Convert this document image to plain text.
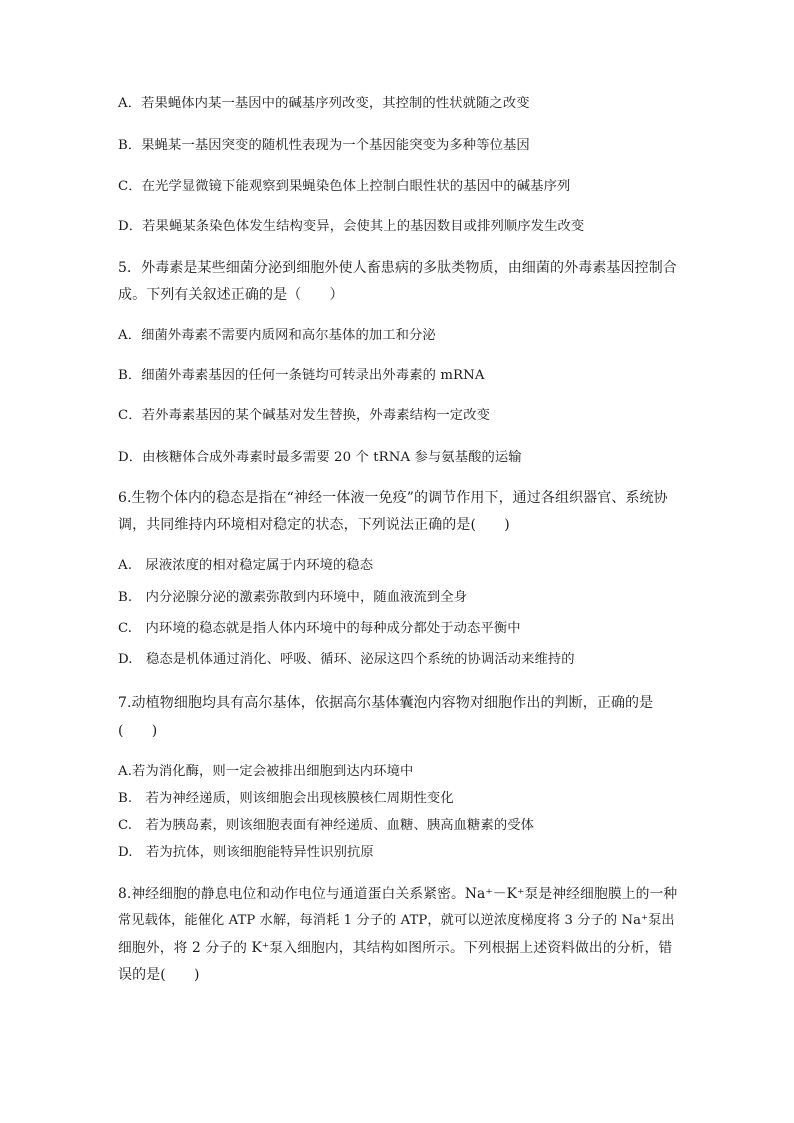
A．若果蝇体内某一基因中的碱基序列改变，其控制的性状就随之改变
B．果蝇某一基因突变的随机性表现为一个基因能突变为多种等位基因
C．在光学显微镜下能观察到果蝇染色体上控制白眼性状的基因中的碱基序列
D．若果蝇某条染色体发生结构变异，会使其上的基因数目或排列顺序发生改变
5．外毒素是某些细菌分泌到细胞外使人畜患病的多肽类物质，由细菌的外毒素基因控制合
成。下列有关叙述正确的是（　　）
A．细菌外毒素不需要内质网和高尔基体的加工和分泌
B．细菌外毒素基因的任何一条链均可转录出外毒素的 mRNA
C．若外毒素基因的某个碱基对发生替换，外毒素结构一定改变
D．由核糖体合成外毒素时最多需要 20 个 tRNA 参与氨基酸的运输
6.生物个体内的稳态是指在“神经一体液一免疫”的调节作用下，通过各组织器官、系统协
调，共同维持内环境相对稳定的状态，下列说法正确的是(　　)
A.　尿液浓度的相对稳定属于内环境的稳态
B.　内分泌腺分泌的激素弥散到内环境中，随血液流到全身
C.　内环境的稳态就是指人体内环境中的每种成分都处于动态平衡中
D.　稳态是机体通过消化、呼吸、循环、泌尿这四个系统的协调活动来维持的
7.动植物细胞均具有高尔基体，依据高尔基体囊泡内容物对细胞作出的判断，正确的是
(　　)
A.若为消化酶，则一定会被排出细胞到达内环境中
B.　若为神经递质，则该细胞会出现核膜核仁周期性变化
C.　若为胰岛素，则该细胞表面有神经递质、血糖、胰高血糖素的受体
D.　若为抗体，则该细胞能特异性识别抗原
8.神经细胞的静息电位和动作电位与通道蛋白关系紧密。Na⁺－K⁺泵是神经细胞膜上的一种
常见载体，能催化 ATP 水解，每消耗 1 分子的 ATP，就可以逆浓度梯度将 3 分子的 Na⁺泵出
细胞外，将 2 分子的 K⁺泵入细胞内，其结构如图所示。下列根据上述资料做出的分析，错
误的是(　　)
